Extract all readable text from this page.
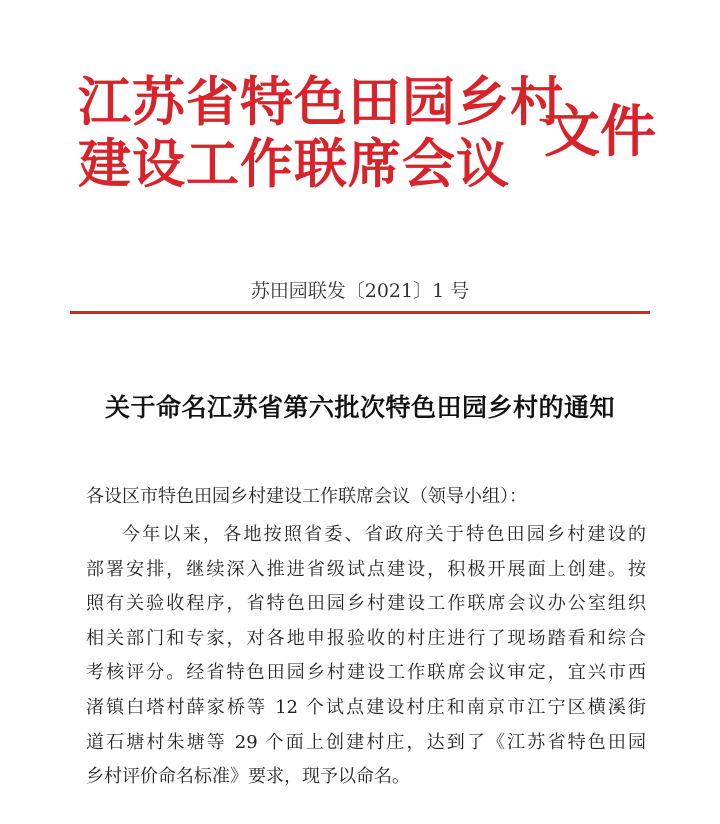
江苏省特色田园乡村
建设工作联席会议 文件
苏田园联发〔2021〕1 号
关于命名江苏省第六批次特色田园乡村的通知
各设区市特色田园乡村建设工作联席会议（领导小组）：
今年以来，各地按照省委、省政府关于特色田园乡村建设的
部署安排，继续深入推进省级试点建设，积极开展面上创建。按
照有关验收程序，省特色田园乡村建设工作联席会议办公室组织
相关部门和专家，对各地申报验收的村庄进行了现场踏看和综合
考核评分。经省特色田园乡村建设工作联席会议审定，宜兴市西
渚镇白塔村薛家桥等 12 个试点建设村庄和南京市江宁区横溪街
道石塘村朱塘等 29 个面上创建村庄，达到了《江苏省特色田园
乡村评价命名标准》要求，现予以命名。
